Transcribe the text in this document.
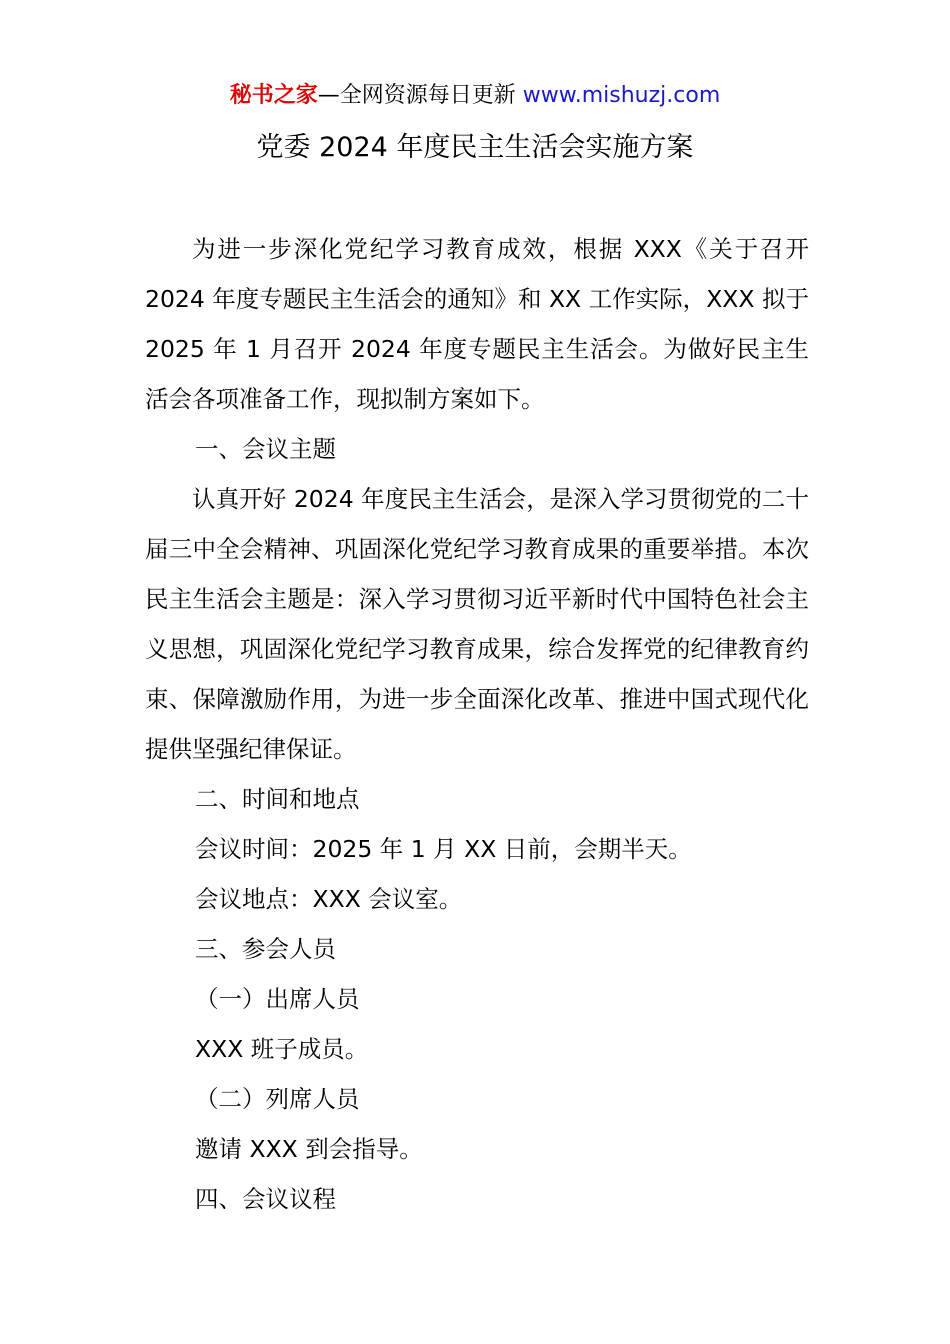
秘书之家—全网资源每日更新 www.mishuzj.com
党委 2024 年度民主生活会实施方案

为进一步深化党纪学习教育成效，根据 XXX《关于召开 2024 年度专题民主生活会的通知》和 XX 工作实际，XXX 拟于 2025 年 1 月召开 2024 年度专题民主生活会。为做好民主生活会各项准备工作，现拟制方案如下。

一、会议主题

认真开好 2024 年度民主生活会，是深入学习贯彻党的二十届三中全会精神、巩固深化党纪学习教育成果的重要举措。本次民主生活会主题是：深入学习贯彻习近平新时代中国特色社会主义思想，巩固深化党纪学习教育成果，综合发挥党的纪律教育约束、保障激励作用，为进一步全面深化改革、推进中国式现代化提供坚强纪律保证。

二、时间和地点

会议时间：2025 年 1 月 XX 日前，会期半天。

会议地点：XXX 会议室。

三、参会人员

（一）出席人员

XXX 班子成员。

（二）列席人员

邀请 XXX 到会指导。

四、会议议程
